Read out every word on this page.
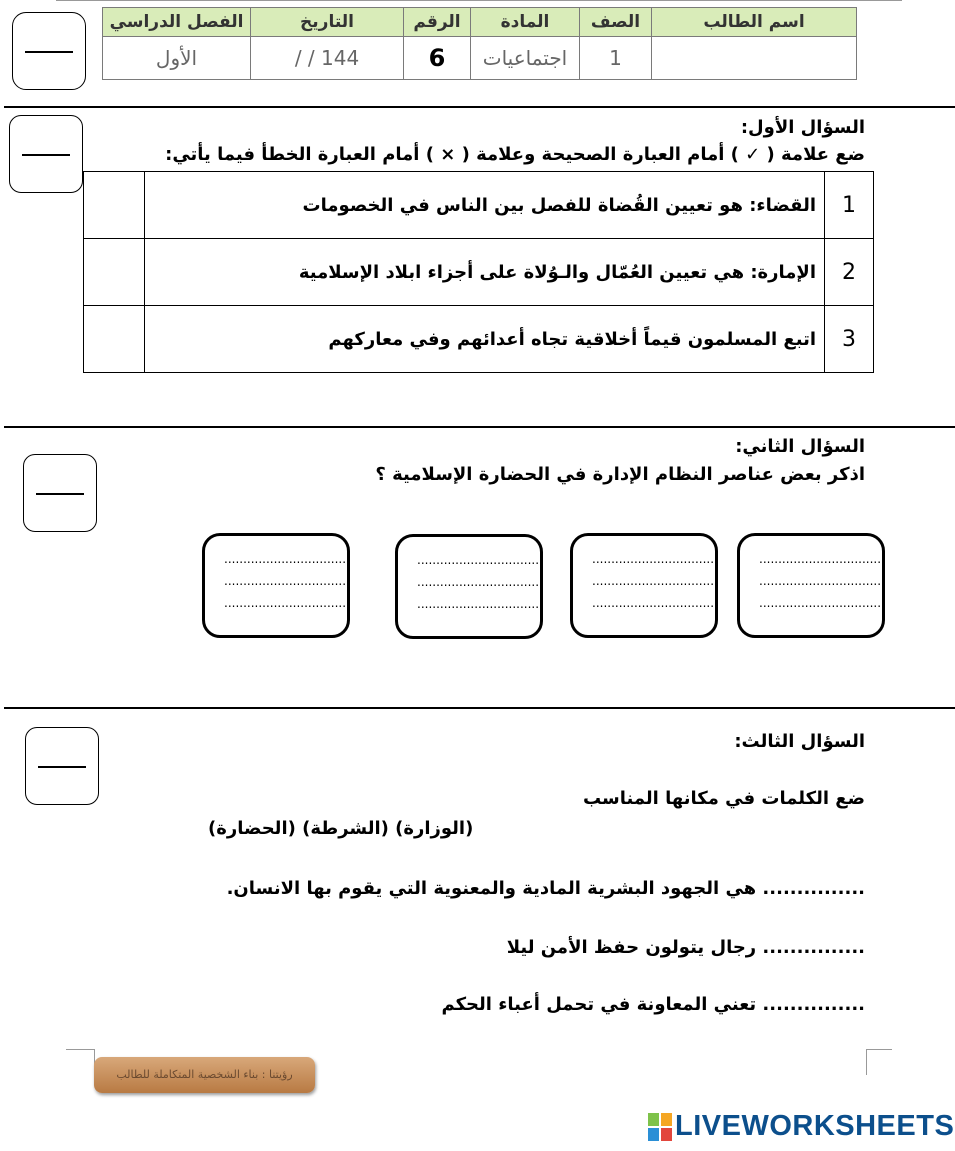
الفصل الدراسي	التاريخ	الرقم	المادة	الصف	اسم الطالب
الأول	/ / 144	6	اجتماعيات	1	
السؤال الأول:
ضع علامة ( ✓ ) أمام العبارة الصحيحة وعلامة ( × ) أمام العبارة الخطأ فيما يأتي:
	القضاء: هو تعيين القُضاة للفصل بين الناس في الخصومات	1
	الإمارة: هي تعيين العُمّال والـوُلاة على أجزاء ابلاد الإسلامية	2
	اتبع المسلمون قيماً أخلاقية تجاه أعدائهم وفي معاركهم	3
السؤال الثاني:
اذكر بعض عناصر النظام الإدارة في الحضارة الإسلامية ؟
................................
................................
................................
................................
................................
................................
................................
................................
................................
................................
................................
................................
السؤال الثالث:
ضع الكلمات في مكانها المناسب
(الوزارة) (الشرطة) (الحضارة)
............... هي الجهود البشرية المادية والمعنوية التي يقوم بها الانسان.
............... رجال يتولون حفظ الأمن ليلا
............... تعني المعاونة في تحمل أعباء الحكم
رؤيتنا : بناء الشخصية المتكاملة للطالب
LIVEWORKSHEETS
